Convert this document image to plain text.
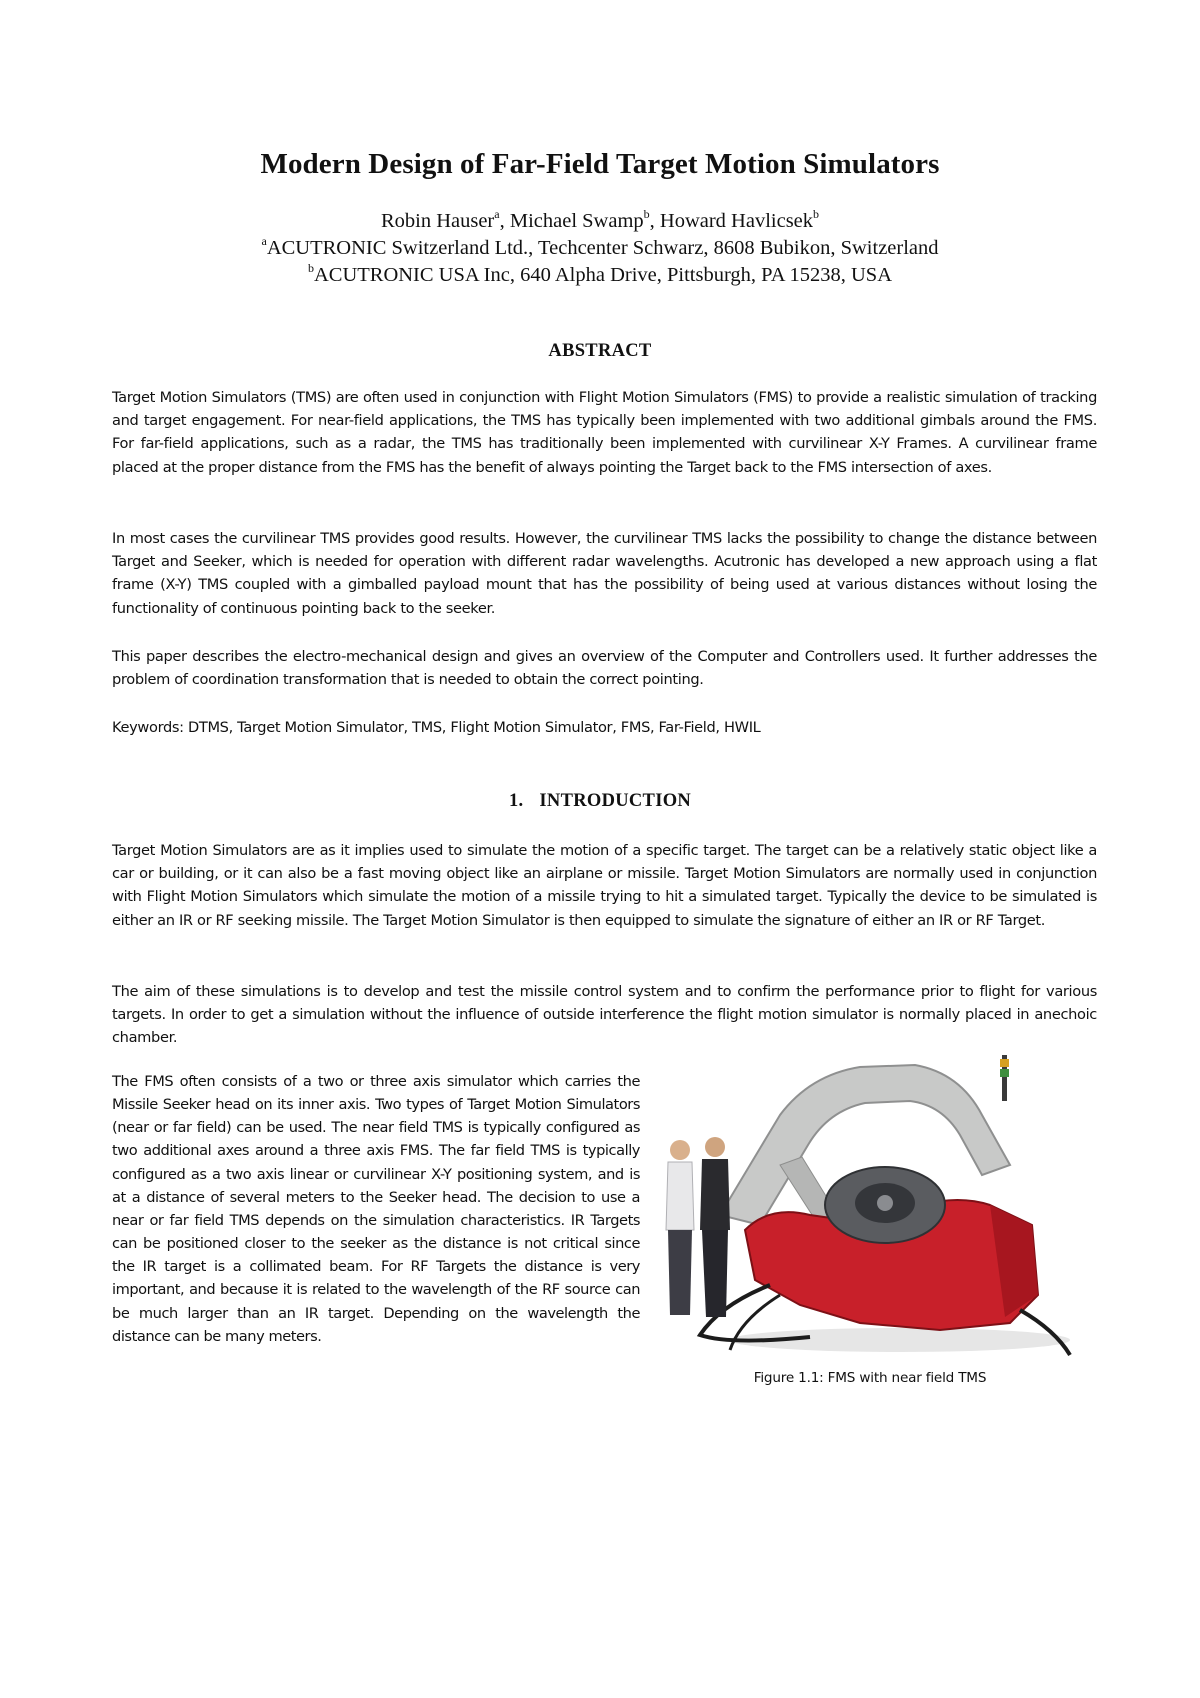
Modern Design of Far-Field Target Motion Simulators
Robin Hauser$^a$, Michael Swamp$^b$, Howard Havlicsek$^b$
$^a$ACUTRONIC Switzerland Ltd., Techcenter Schwarz, 8608 Bubikon, Switzerland
$^b$ACUTRONIC USA Inc, 640 Alpha Drive, Pittsburgh, PA 15238, USA
ABSTRACT

Target Motion Simulators (TMS) are often used in conjunction with Flight Motion Simulators (FMS) to provide a realistic simulation of tracking and target engagement. For near-field applications, the TMS has typically been implemented with two additional gimbals around the FMS. For far-field applications, such as a radar, the TMS has traditionally been implemented with curvilinear X-Y Frames. A curvilinear frame placed at the proper distance from the FMS has the benefit of always pointing the Target back to the FMS intersection of axes.

In most cases the curvilinear TMS provides good results. However, the curvilinear TMS lacks the possibility to change the distance between Target and Seeker, which is needed for operation with different radar wavelengths. Acutronic has developed a new approach using a flat frame (X-Y) TMS coupled with a gimballed payload mount that has the possibility of being used at various distances without losing the functionality of continuous pointing back to the seeker.

This paper describes the electro-mechanical design and gives an overview of the Computer and Controllers used. It further addresses the problem of coordination transformation that is needed to obtain the correct pointing.

Keywords: DTMS, Target Motion Simulator, TMS, Flight Motion Simulator, FMS, Far-Field, HWIL

1. INTRODUCTION

Target Motion Simulators are as it implies used to simulate the motion of a specific target. The target can be a relatively static object like a car or building, or it can also be a fast moving object like an airplane or missile. Target Motion Simulators are normally used in conjunction with Flight Motion Simulators which simulate the motion of a missile trying to hit a simulated target. Typically the device to be simulated is either an IR or RF seeking missile. The Target Motion Simulator is then equipped to simulate the signature of either an IR or RF Target.

The aim of these simulations is to develop and test the missile control system and to confirm the performance prior to flight for various targets. In order to get a simulation without the influence of outside interference the flight motion simulator is normally placed in anechoic chamber.

The FMS often consists of a two or three axis simulator which carries the Missile Seeker head on its inner axis. Two types of Target Motion Simulators (near or far field) can be used. The near field TMS is typically configured as two additional axes around a three axis FMS. The far field TMS is typically configured as a two axis linear or curvilinear X-Y positioning system, and is at a distance of several meters to the Seeker head. The decision to use a near or far field TMS depends on the simulation characteristics. IR Targets can be positioned closer to the seeker as the distance is not critical since the IR target is a collimated beam. For RF Targets the distance is very important, and because it is related to the wavelength of the RF source can be much larger than an IR target. Depending on the wavelength the distance can be many meters.

Figure 1.1: FMS with near field TMS
